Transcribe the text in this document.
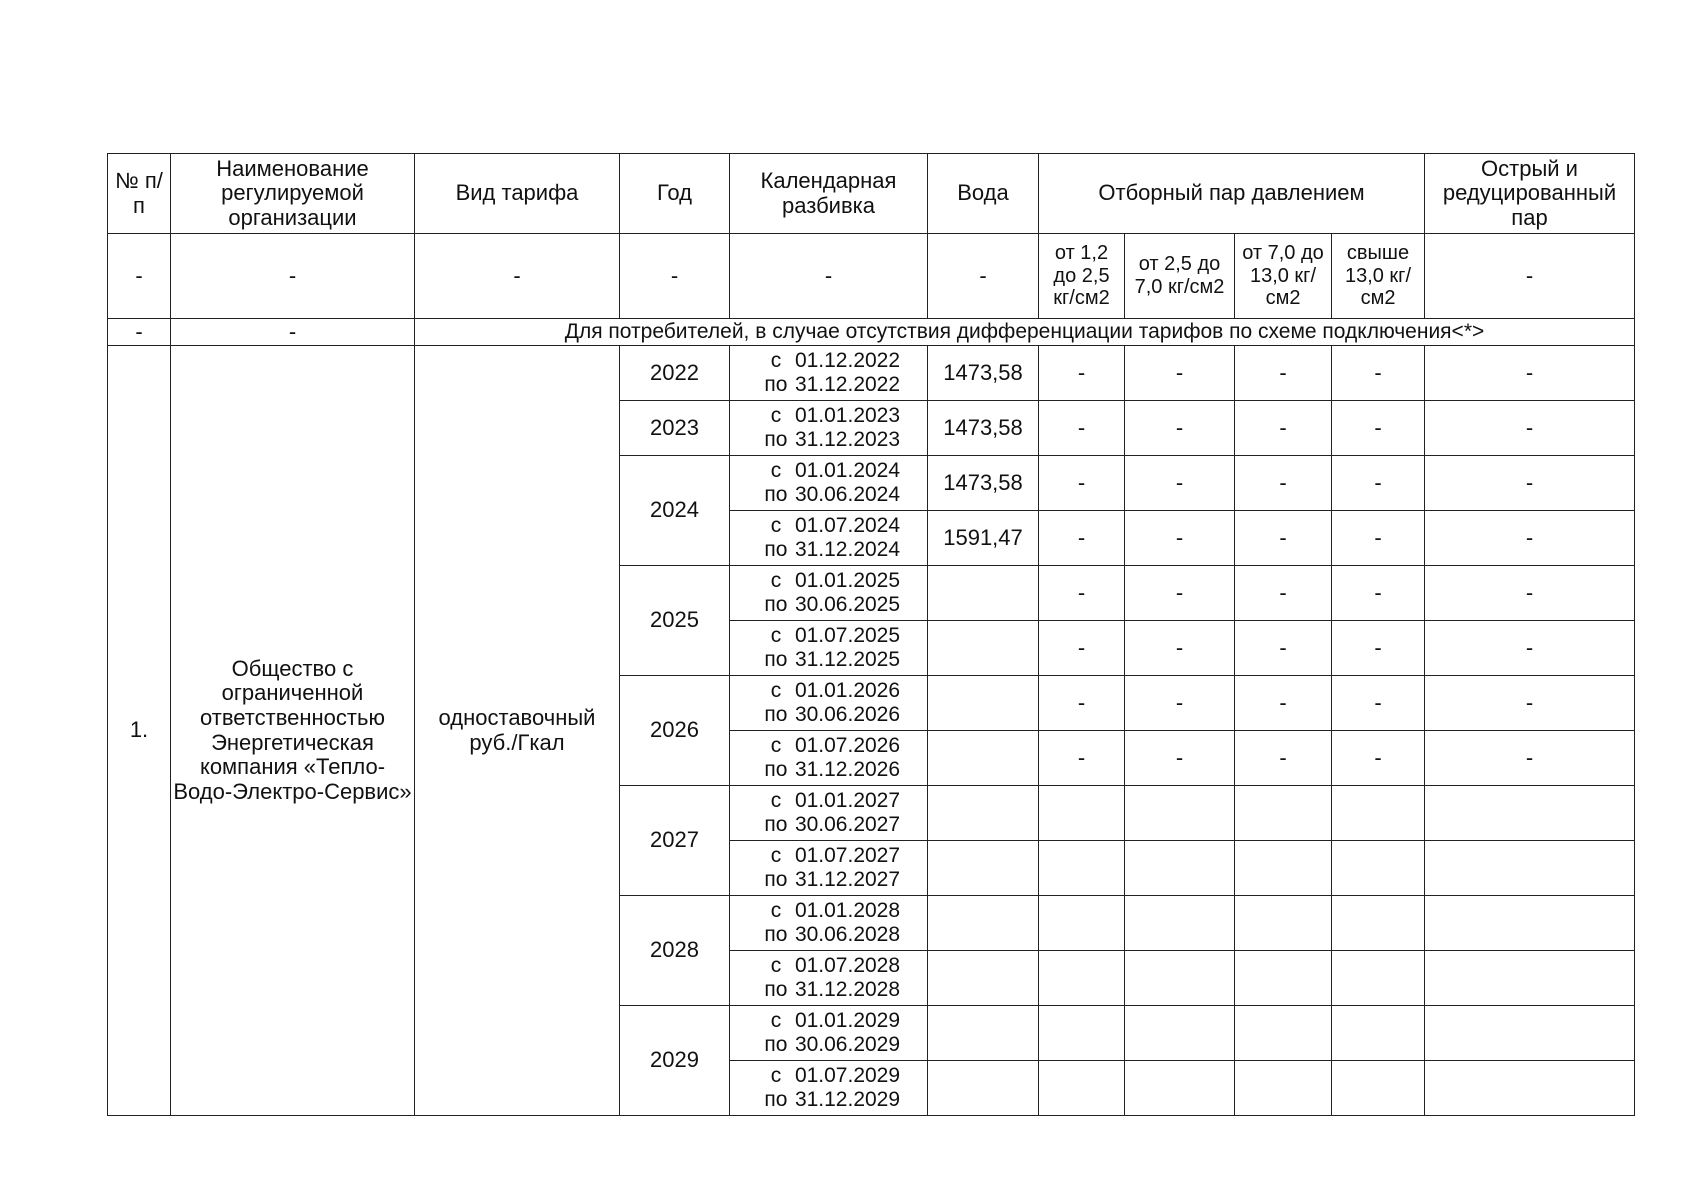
№ п/п	Наименование регулируемой организации	Вид тарифа	Год	Календарная разбивка	Вода	Отборный пар давлением				Острый и редуцированный пар
-	-	-	-	-	-	от 1,2 до 2,5 кг/см2	от 2,5 до 7,0 кг/см2	от 7,0 до 13,0 кг/см2	свыше 13,0 кг/см2	-
-	-	Для потребителей, в случае отсутствия дифференциации тарифов по схеме подключения<*>								
1.	Общество с ограниченной ответственностью Энергетическая компания «Тепло-Водо-Электро-Сервис»	одноставочный руб./Гкал	2022	с 01.12.2022
по 31.12.2022	1473,58	-	-	-	-	-
			2023	с 01.01.2023
по 31.12.2023	1473,58	-	-	-	-	-
			2024	с 01.01.2024
по 30.06.2024	1473,58	-	-	-	-	-

				с 01.07.2024
по 31.12.2024	1591,47	-	-	-	-	-
			2025	с 01.01.2025
по 30.06.2025		-	-	-	-	-

				с 01.07.2025
по 31.12.2025		-	-	-	-	-
			2026	с 01.01.2026
по 30.06.2026		-	-	-	-	-

				с 01.07.2026
по 31.12.2026		-	-	-	-	-
			2027	с 01.01.2027
по 30.06.2027						

				с 01.07.2027
по 31.12.2027						

			2028	с 01.01.2028
по 30.06.2028						

				с 01.07.2028
по 31.12.2028						

			2029	с 01.01.2029
по 30.06.2029						

				с 01.07.2029
по 31.12.2029						
